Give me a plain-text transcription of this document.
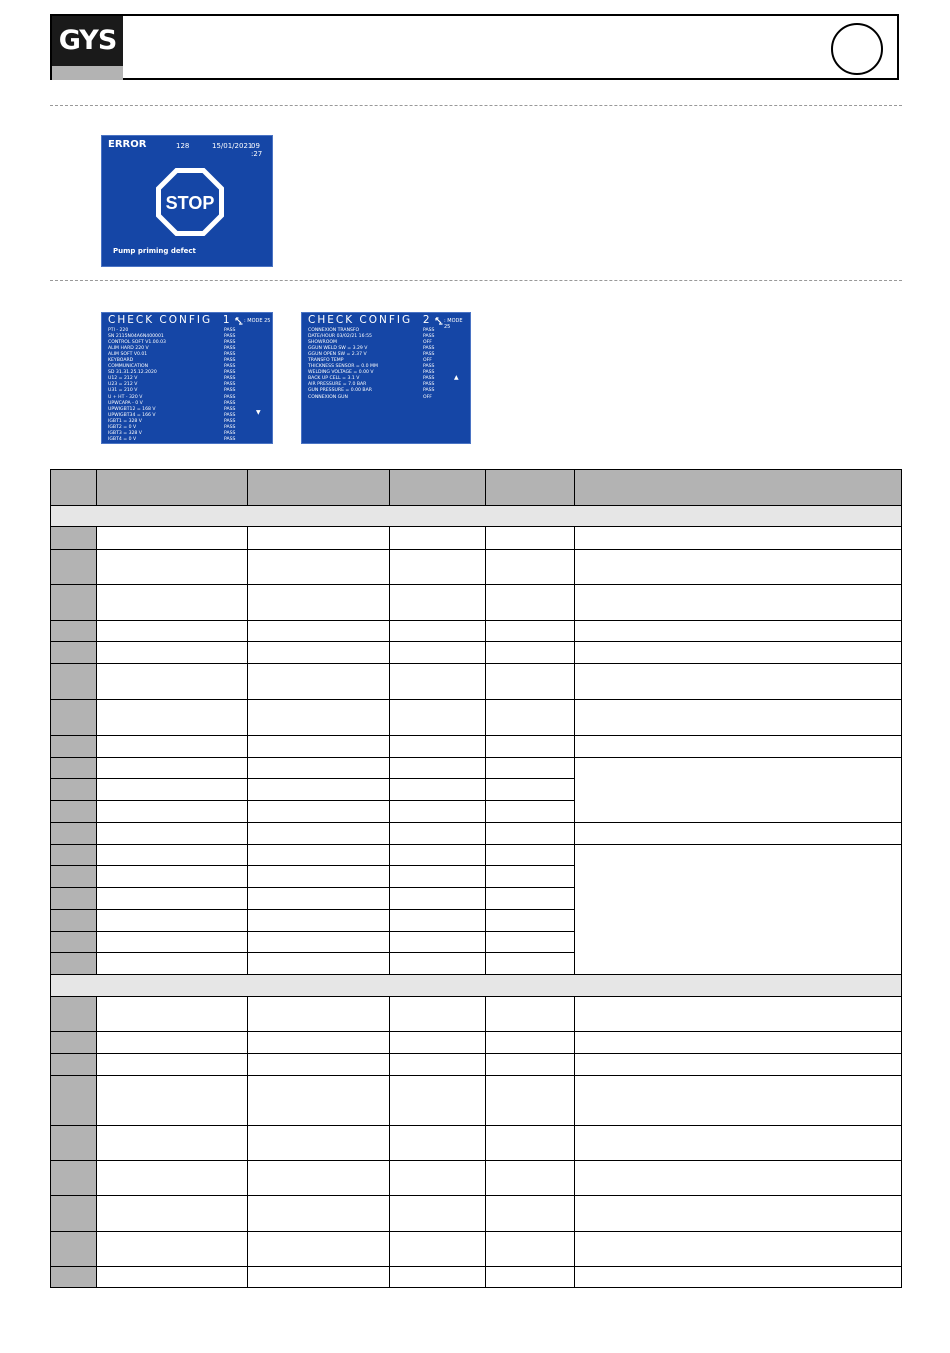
GYS
ERROR	128	15/01/2021
09 :27
STOP
Pump priming defect
CHECK CONFIG 1 : MODE 25
PTI - 220	PASS
SN 2115N04A6N400001	PASS
CONTROL SOFT V1.00.03	PASS
ALIM HARD 220 V	PASS
ALIM SOFT V0.01	PASS
KEYBOARD	PASS
COMMUNICATION	PASS
SD 31.31.25.12.2020	PASS
U12 = 212 V	PASS
U23 = 212 V	PASS
U31 = 210 V	PASS
U + HT - 320 V	PASS
UPWCAPA - 0 V	PASS
UPWIGBT12 = 168 V	PASS
UPWIGBT34 = 166 V	PASS
IGBT1 = 328 V	PASS
IGBT2 = 0 V	PASS
IGBT3 = 328 V	PASS
IGBT4 = 0 V	PASS
▼
CHECK CONFIG 2 : MODE 25
CONNEXION TRANSFO	PASS
DATE/HOUR 03/02/21 16:55	PASS
SHOWROOM	OFF
GGUN WELD SW = 3.29 V	PASS
GGUN OPEN SW = 2.37 V	PASS
TRANSFO TEMP	OFF
THICKNESS SENSOR = 0.0 MM	PASS
WELDING VOLTAGE = 0.00 V	PASS
BACK UP CELL = 3.1 V	PASS
AIR PRESSURE = 7.0 BAR	PASS
GUN PRESSURE = 0.00 BAR	PASS
CONNEXION GUN	OFF
▲
